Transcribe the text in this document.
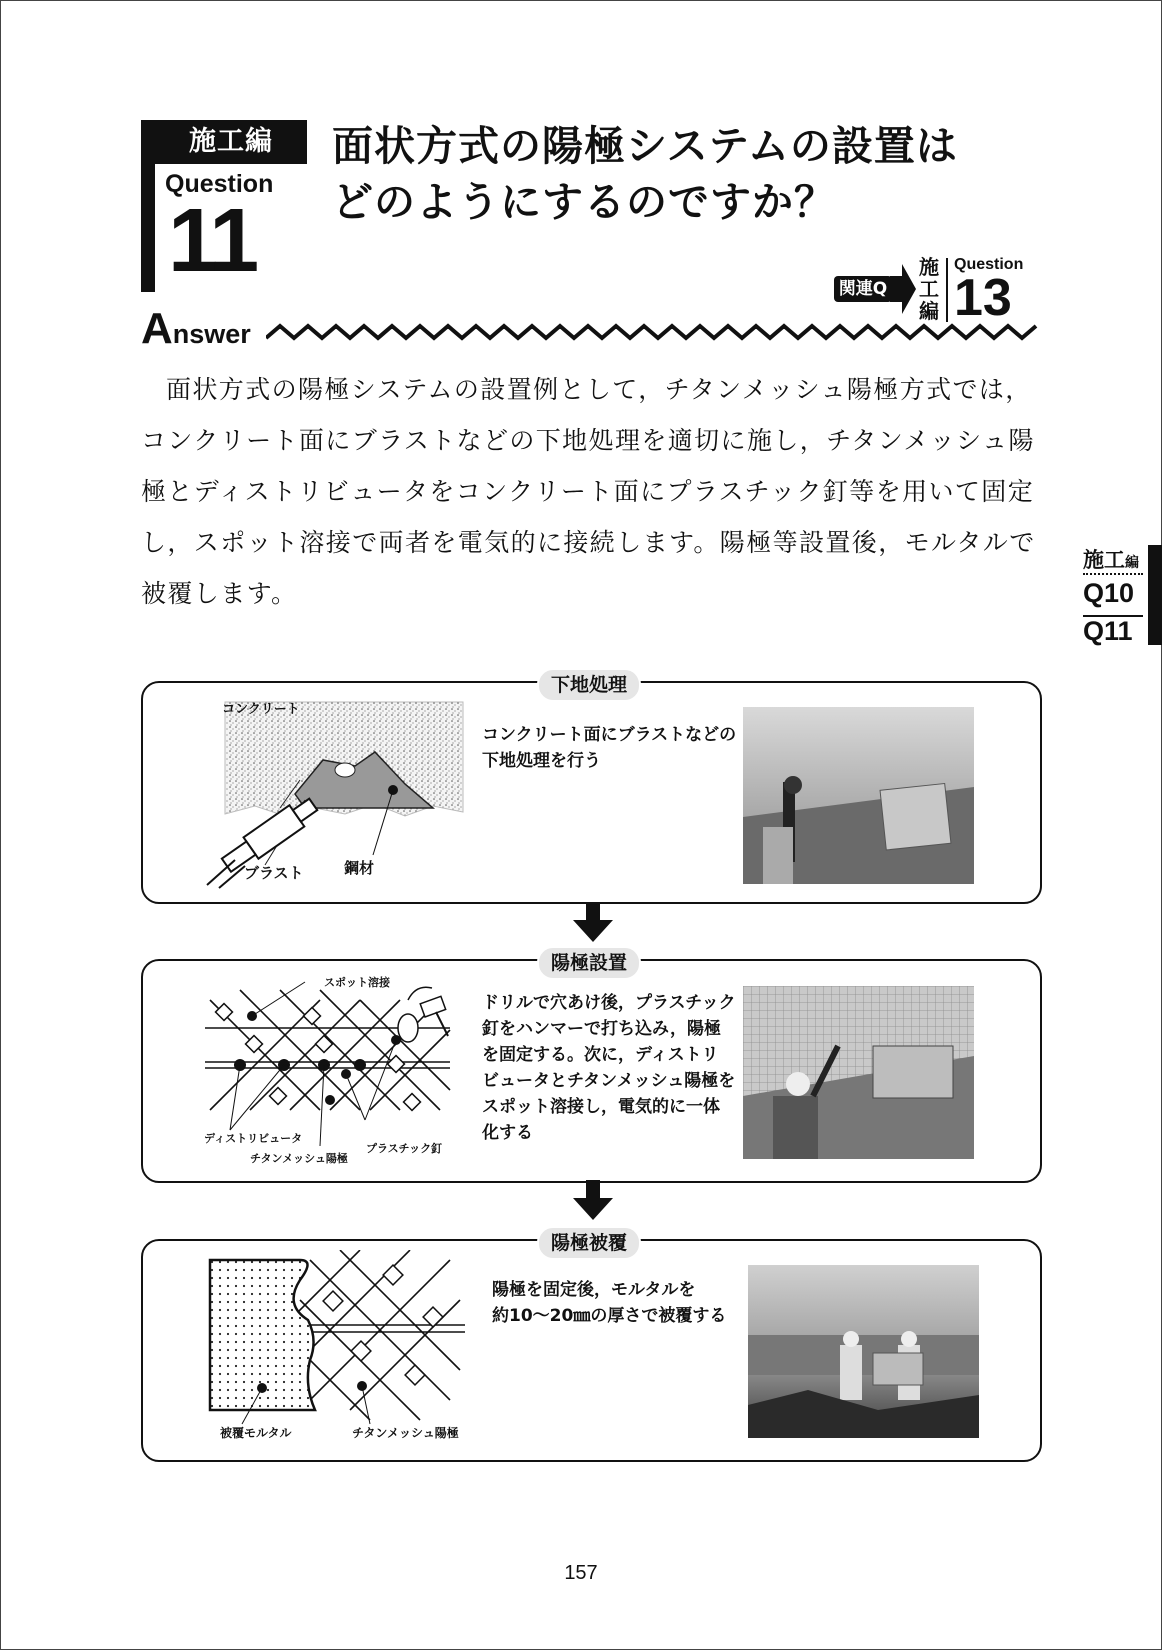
施工編
Question
11
面状方式の陽極システムの設置は
どのようにするのですか？
関連Q
施工編
Question
13
Answer
面状方式の陽極システムの設置例として，チタンメッシュ陽極方式では，コンクリート面にブラストなどの下地処理を適切に施し，チタンメッシュ陽極とディストリビュータをコンクリート面にプラスチック釘等を用いて固定し，スポット溶接で両者を電気的に接続します。陽極等設置後，モルタルで被覆します。
施工編
Q10
Q11
下地処理
コンクリート
ブラスト	鋼材
コンクリート面にブラストなどの
下地処理を行う
陽極設置
スポット溶接
ディストリビュータ
チタンメッシュ陽極
プラスチック釘
ドリルで穴あけ後，プラスチック
釘をハンマーで打ち込み，陽極
を固定する。次に，ディストリ
ビュータとチタンメッシュ陽極を
スポット溶接し，電気的に一体
化する
陽極被覆
被覆モルタル	チタンメッシュ陽極
陽極を固定後，モルタルを
約10～20㎜の厚さで被覆する
157
